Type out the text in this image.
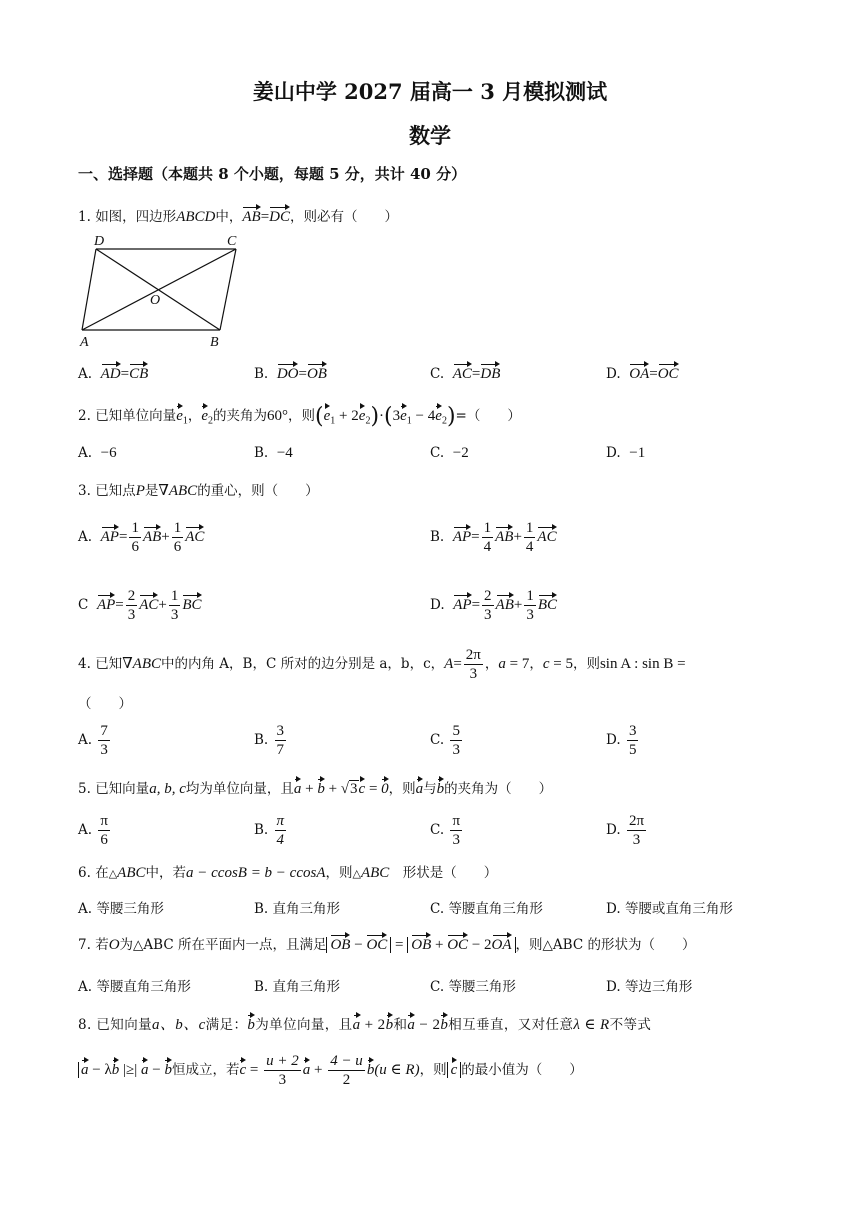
姜山中学 2027 届高一 3 月模拟测试
数学
一、选择题（本题共 8 个小题，每题 5 分，共计 40 分）
1. 如图，四边形ABCD中，AB=DC，则必有（　　）
D	C
O
A	B
A. AD=CB	B. DO=OB	C. AC=DB	D. OA=OC
2. 已知单位向量$e_1$，$e_2$的夹角为60°，则$(e_1 + 2e_2)\cdot(3e_1 - 4e_2)=$（　　）
A. −6	B. −4	C. −2	D. −1
3. 已知点P是∇ABC的重心，则（　　）
A. $AP= \frac{1}{6} AB+ \frac{1}{6}$ AC	B. $AP= \frac{1}{4} AB+ \frac{1}{4}$ AC
C $AP= \frac{2}{3} AC+ \frac{1}{3}$ BC	D. $AP= \frac{2}{3} AB+ \frac{1}{3}$ BC
4. 已知∇ABC中的内角 A，B，C 所对的边分别是 a，b，c，$A= \frac{2\pi}{3}$ ，a = 7，c = 5，则sin A : sin B =
（　　）
A. $\frac{7}{3}$	B. $\frac{3}{7}$	C. $\frac{5}{3}$	D. $\frac{3}{5}$
5. 已知向量a, b, c均为单位向量，且a + b + √3c = 0，则a与b的夹角为（　　）
A. $\frac{\pi}{6}$	B. $\frac{\pi}{4}$	C. $\frac{\pi}{3}$	D. $\frac{2\pi}{3}$
6. 在△ABC中，若a − ccosB = b − ccosA，则△ABC　形状是（　　）
A. 等腰三角形	B. 直角三角形	C. 等腰直角三角形	D. 等腰或直角三角形
7. 若O为△ABC 所在平面内一点，且满足 OB − OC = OB + OC − 2OA ，则△ABC 的形状为（　　）
A. 等腰直角三角形	B. 直角三角形	C. 等腰三角形	D. 等边三角形
8. 已知向量a、b、c满足：b为单位向量，且a + 2b和a − 2b相互垂直，又对任意λ ∈ R不等式
a − λb |≥| a − b恒成立，若$c = \frac{u + 2}{3}$ $a + \frac{4 - u}{2} b(u$ ∈ R)，则 c 的最小值为（　　）
